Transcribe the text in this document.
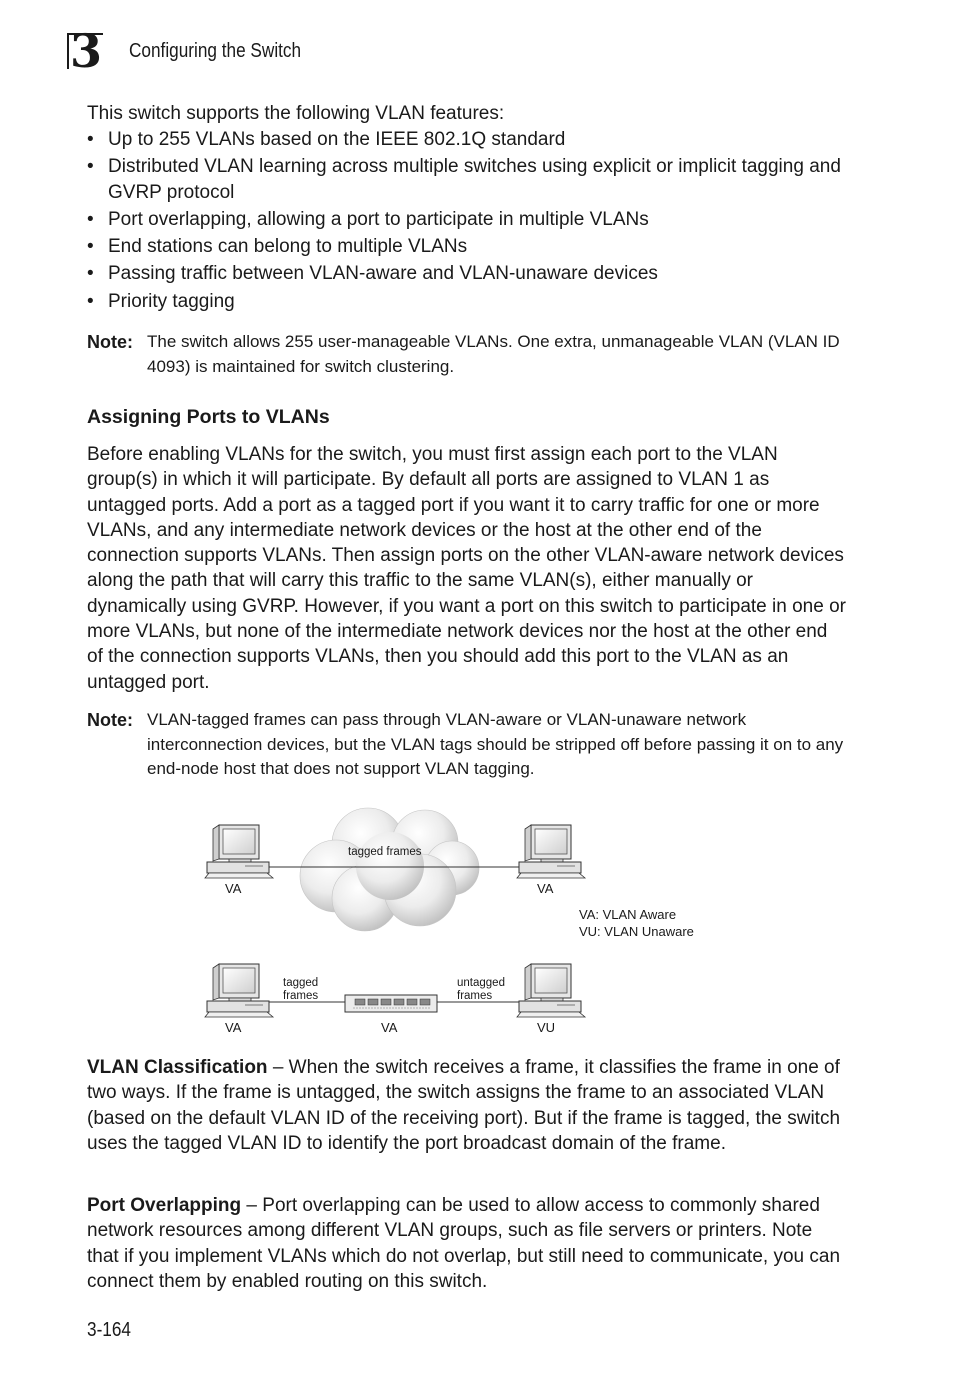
3 Configuring the Switch
This switch supports the following VLAN features:
• Up to 255 VLANs based on the IEEE 802.1Q standard
• Distributed VLAN learning across multiple switches using explicit or implicit tagging and GVRP protocol
• Port overlapping, allowing a port to participate in multiple VLANs
• End stations can belong to multiple VLANs
• Passing traffic between VLAN-aware and VLAN-unaware devices
• Priority tagging
Note: The switch allows 255 user-manageable VLANs. One extra, unmanageable VLAN (VLAN ID 4093) is maintained for switch clustering.
Assigning Ports to VLANs
Before enabling VLANs for the switch, you must first assign each port to the VLAN group(s) in which it will participate. By default all ports are assigned to VLAN 1 as untagged ports. Add a port as a tagged port if you want it to carry traffic for one or more VLANs, and any intermediate network devices or the host at the other end of the connection supports VLANs. Then assign ports on the other VLAN-aware network devices along the path that will carry this traffic to the same VLAN(s), either manually or dynamically using GVRP. However, if you want a port on this switch to participate in one or more VLANs, but none of the intermediate network devices nor the host at the other end of the connection supports VLANs, then you should add this port to the VLAN as an untagged port.
Note: VLAN-tagged frames can pass through VLAN-aware or VLAN-unaware network interconnection devices, but the VLAN tags should be stripped off before passing it on to any end-node host that does not support VLAN tagging.
tagged frames
VA	VA
VA: VLAN Aware
VU: VLAN Unaware
tagged
frames
untagged
frames
VA	VA	VU
VLAN Classification – When the switch receives a frame, it classifies the frame in one of two ways. If the frame is untagged, the switch assigns the frame to an associated VLAN (based on the default VLAN ID of the receiving port). But if the frame is tagged, the switch uses the tagged VLAN ID to identify the port broadcast domain of the frame.
Port Overlapping – Port overlapping can be used to allow access to commonly shared network resources among different VLAN groups, such as file servers or printers. Note that if you implement VLANs which do not overlap, but still need to communicate, you can connect them by enabled routing on this switch.
3-164
